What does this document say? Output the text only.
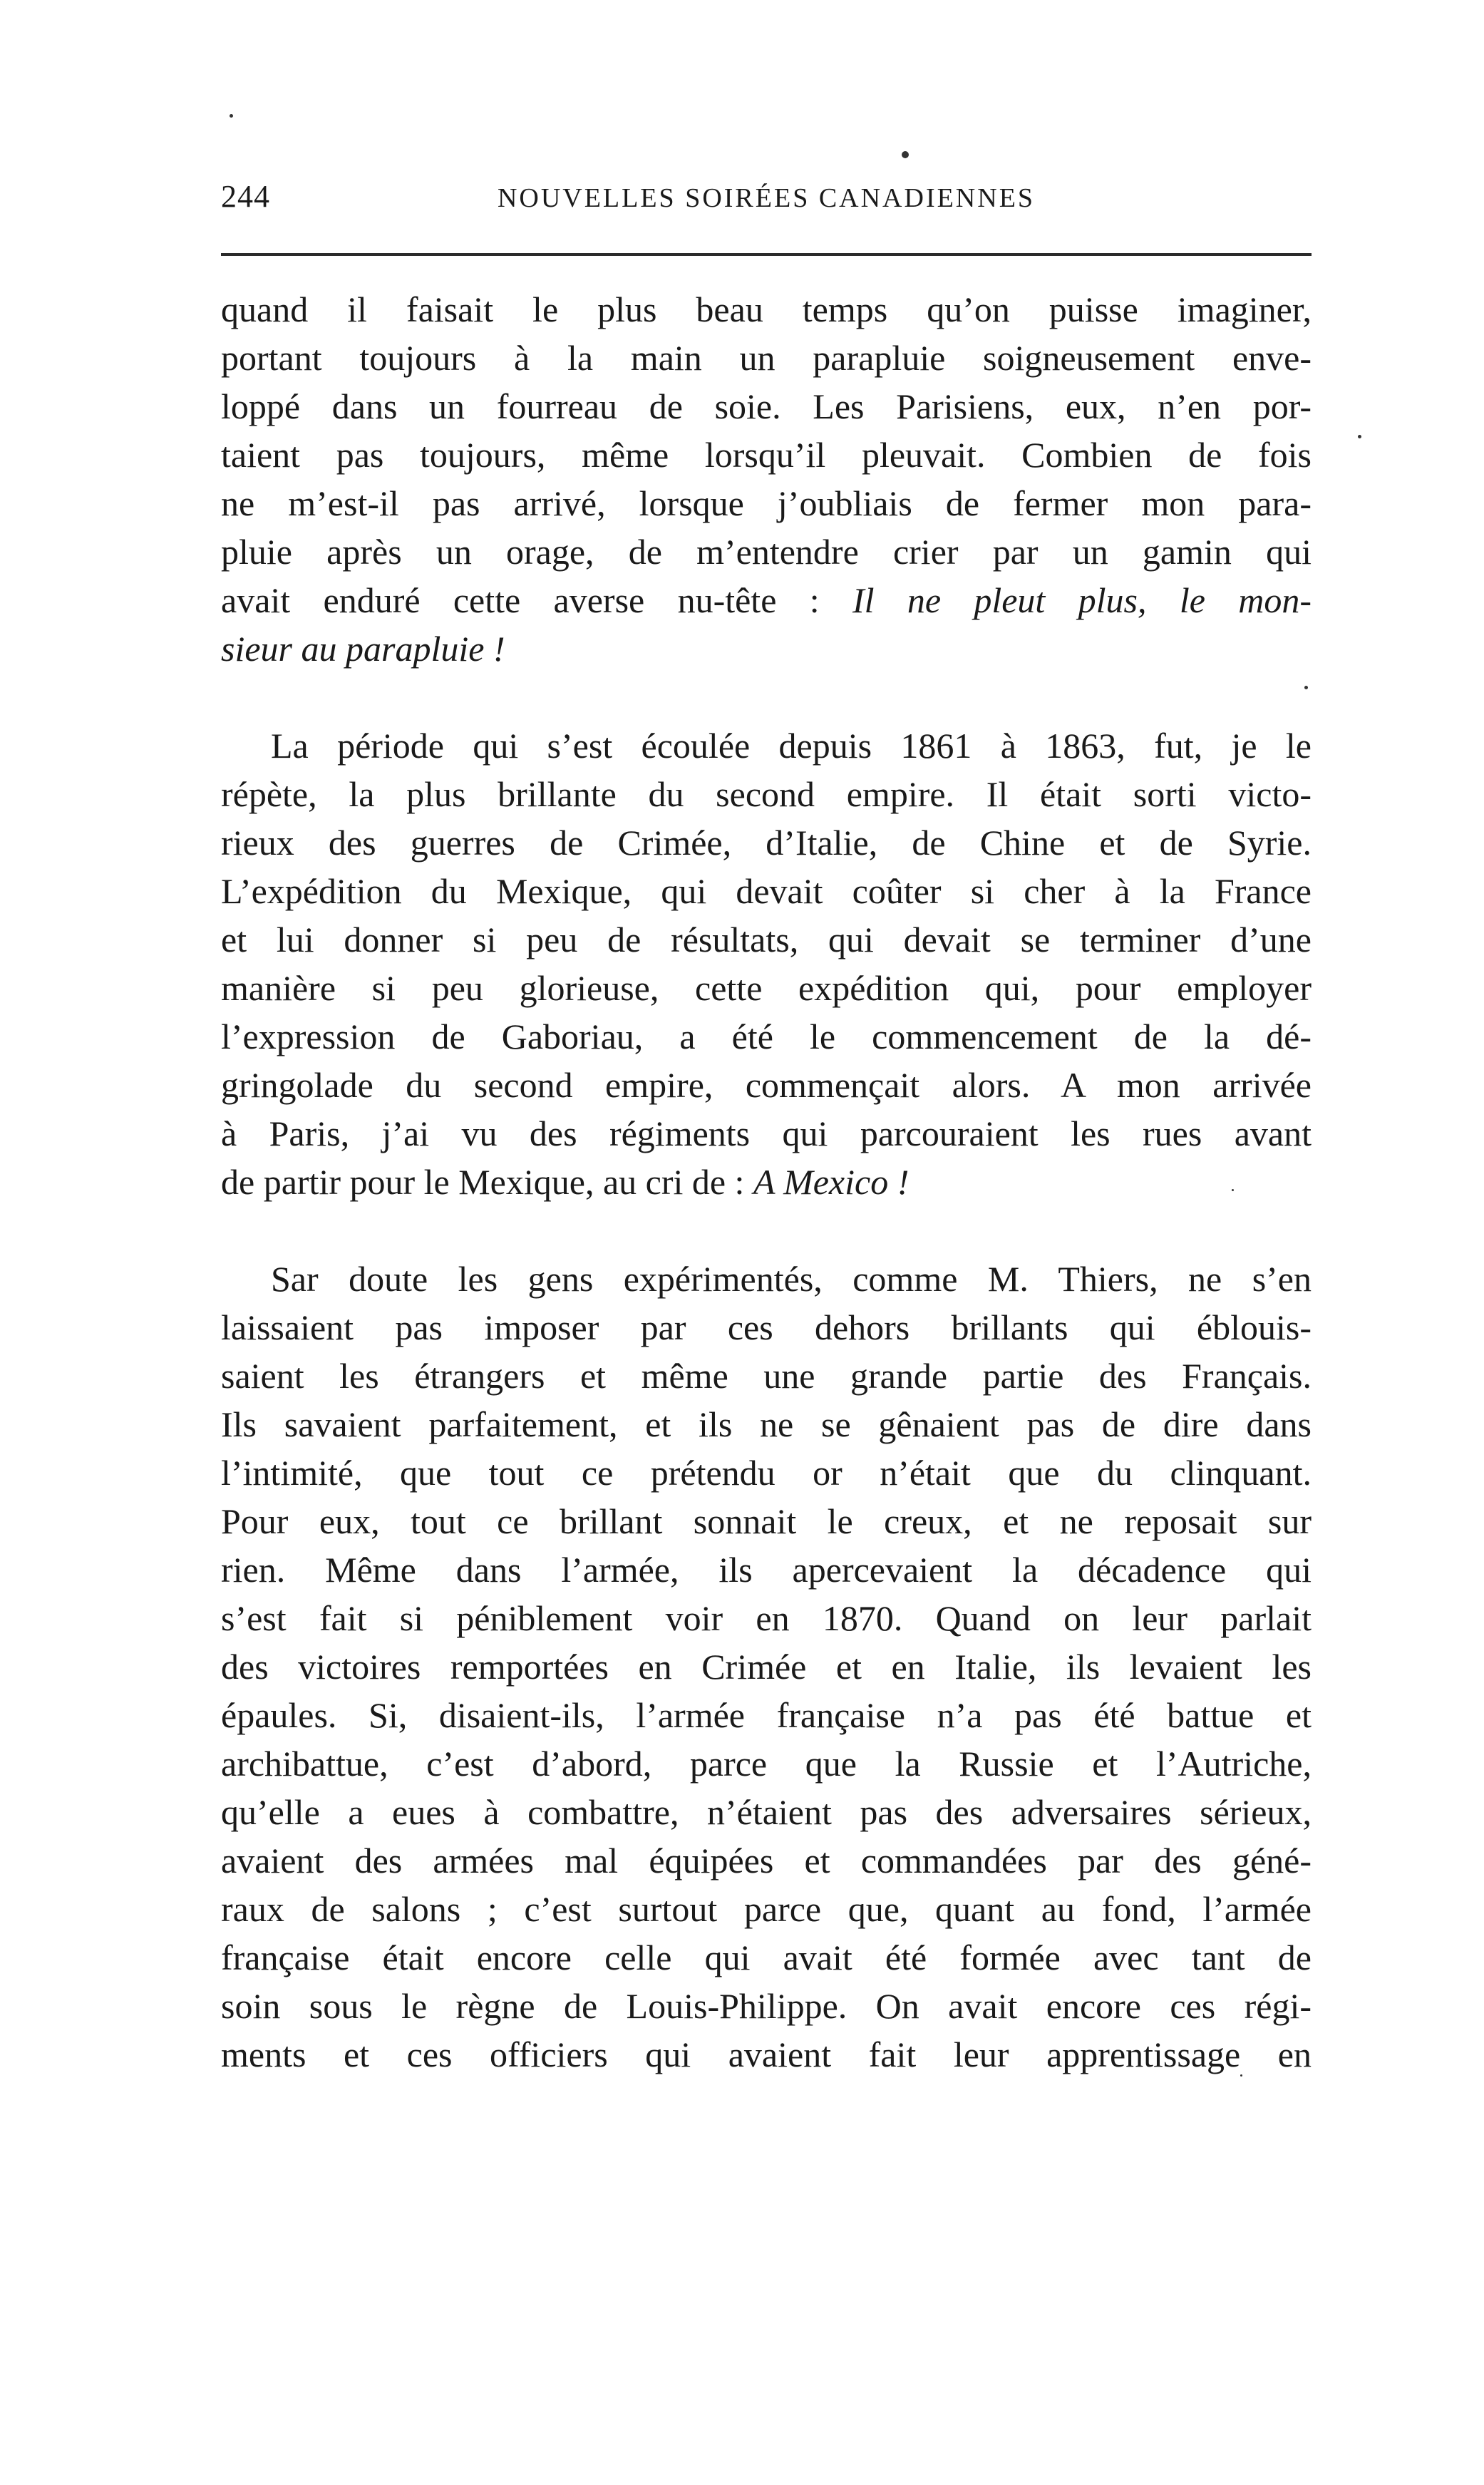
244	NOUVELLES SOIRÉES CANADIENNES
quand il faisait le plus beau temps qu’on puisse imaginer,
portant toujours à la main un parapluie soigneusement enve-
loppé dans un fourreau de soie. Les Parisiens, eux, n’en por-
taient pas toujours, même lorsqu’il pleuvait. Combien de fois
ne m’est-il pas arrivé, lorsque j’oubliais de fermer mon para-
pluie après un orage, de m’entendre crier par un gamin qui
avait enduré cette averse nu-tête : Il ne pleut plus, le mon-
sieur au parapluie !
La période qui s’est écoulée depuis 1861 à 1863, fut, je le
répète, la plus brillante du second empire. Il était sorti victo-
rieux des guerres de Crimée, d’Italie, de Chine et de Syrie.
L’expédition du Mexique, qui devait coûter si cher à la France
et lui donner si peu de résultats, qui devait se terminer d’une
manière si peu glorieuse, cette expédition qui, pour employer
l’expression de Gaboriau, a été le commencement de la dé-
gringolade du second empire, commençait alors. A mon arrivée
à Paris, j’ai vu des régiments qui parcouraient les rues avant
de partir pour le Mexique, au cri de : A Mexico !
Sar doute les gens expérimentés, comme M. Thiers, ne s’en
laissaient pas imposer par ces dehors brillants qui éblouis-
saient les étrangers et même une grande partie des Français.
Ils savaient parfaitement, et ils ne se gênaient pas de dire dans
l’intimité, que tout ce prétendu or n’était que du clinquant.
Pour eux, tout ce brillant sonnait le creux, et ne reposait sur
rien. Même dans l’armée, ils apercevaient la décadence qui
s’est fait si péniblement voir en 1870. Quand on leur parlait
des victoires remportées en Crimée et en Italie, ils levaient les
épaules. Si, disaient-ils, l’armée française n’a pas été battue et
archibattue, c’est d’abord, parce que la Russie et l’Autriche,
qu’elle a eues à combattre, n’étaient pas des adversaires sérieux,
avaient des armées mal équipées et commandées par des géné-
raux de salons ; c’est surtout parce que, quant au fond, l’armée
française était encore celle qui avait été formée avec tant de
soin sous le règne de Louis-Philippe. On avait encore ces régi-
ments et ces officiers qui avaient fait leur apprentissage en
